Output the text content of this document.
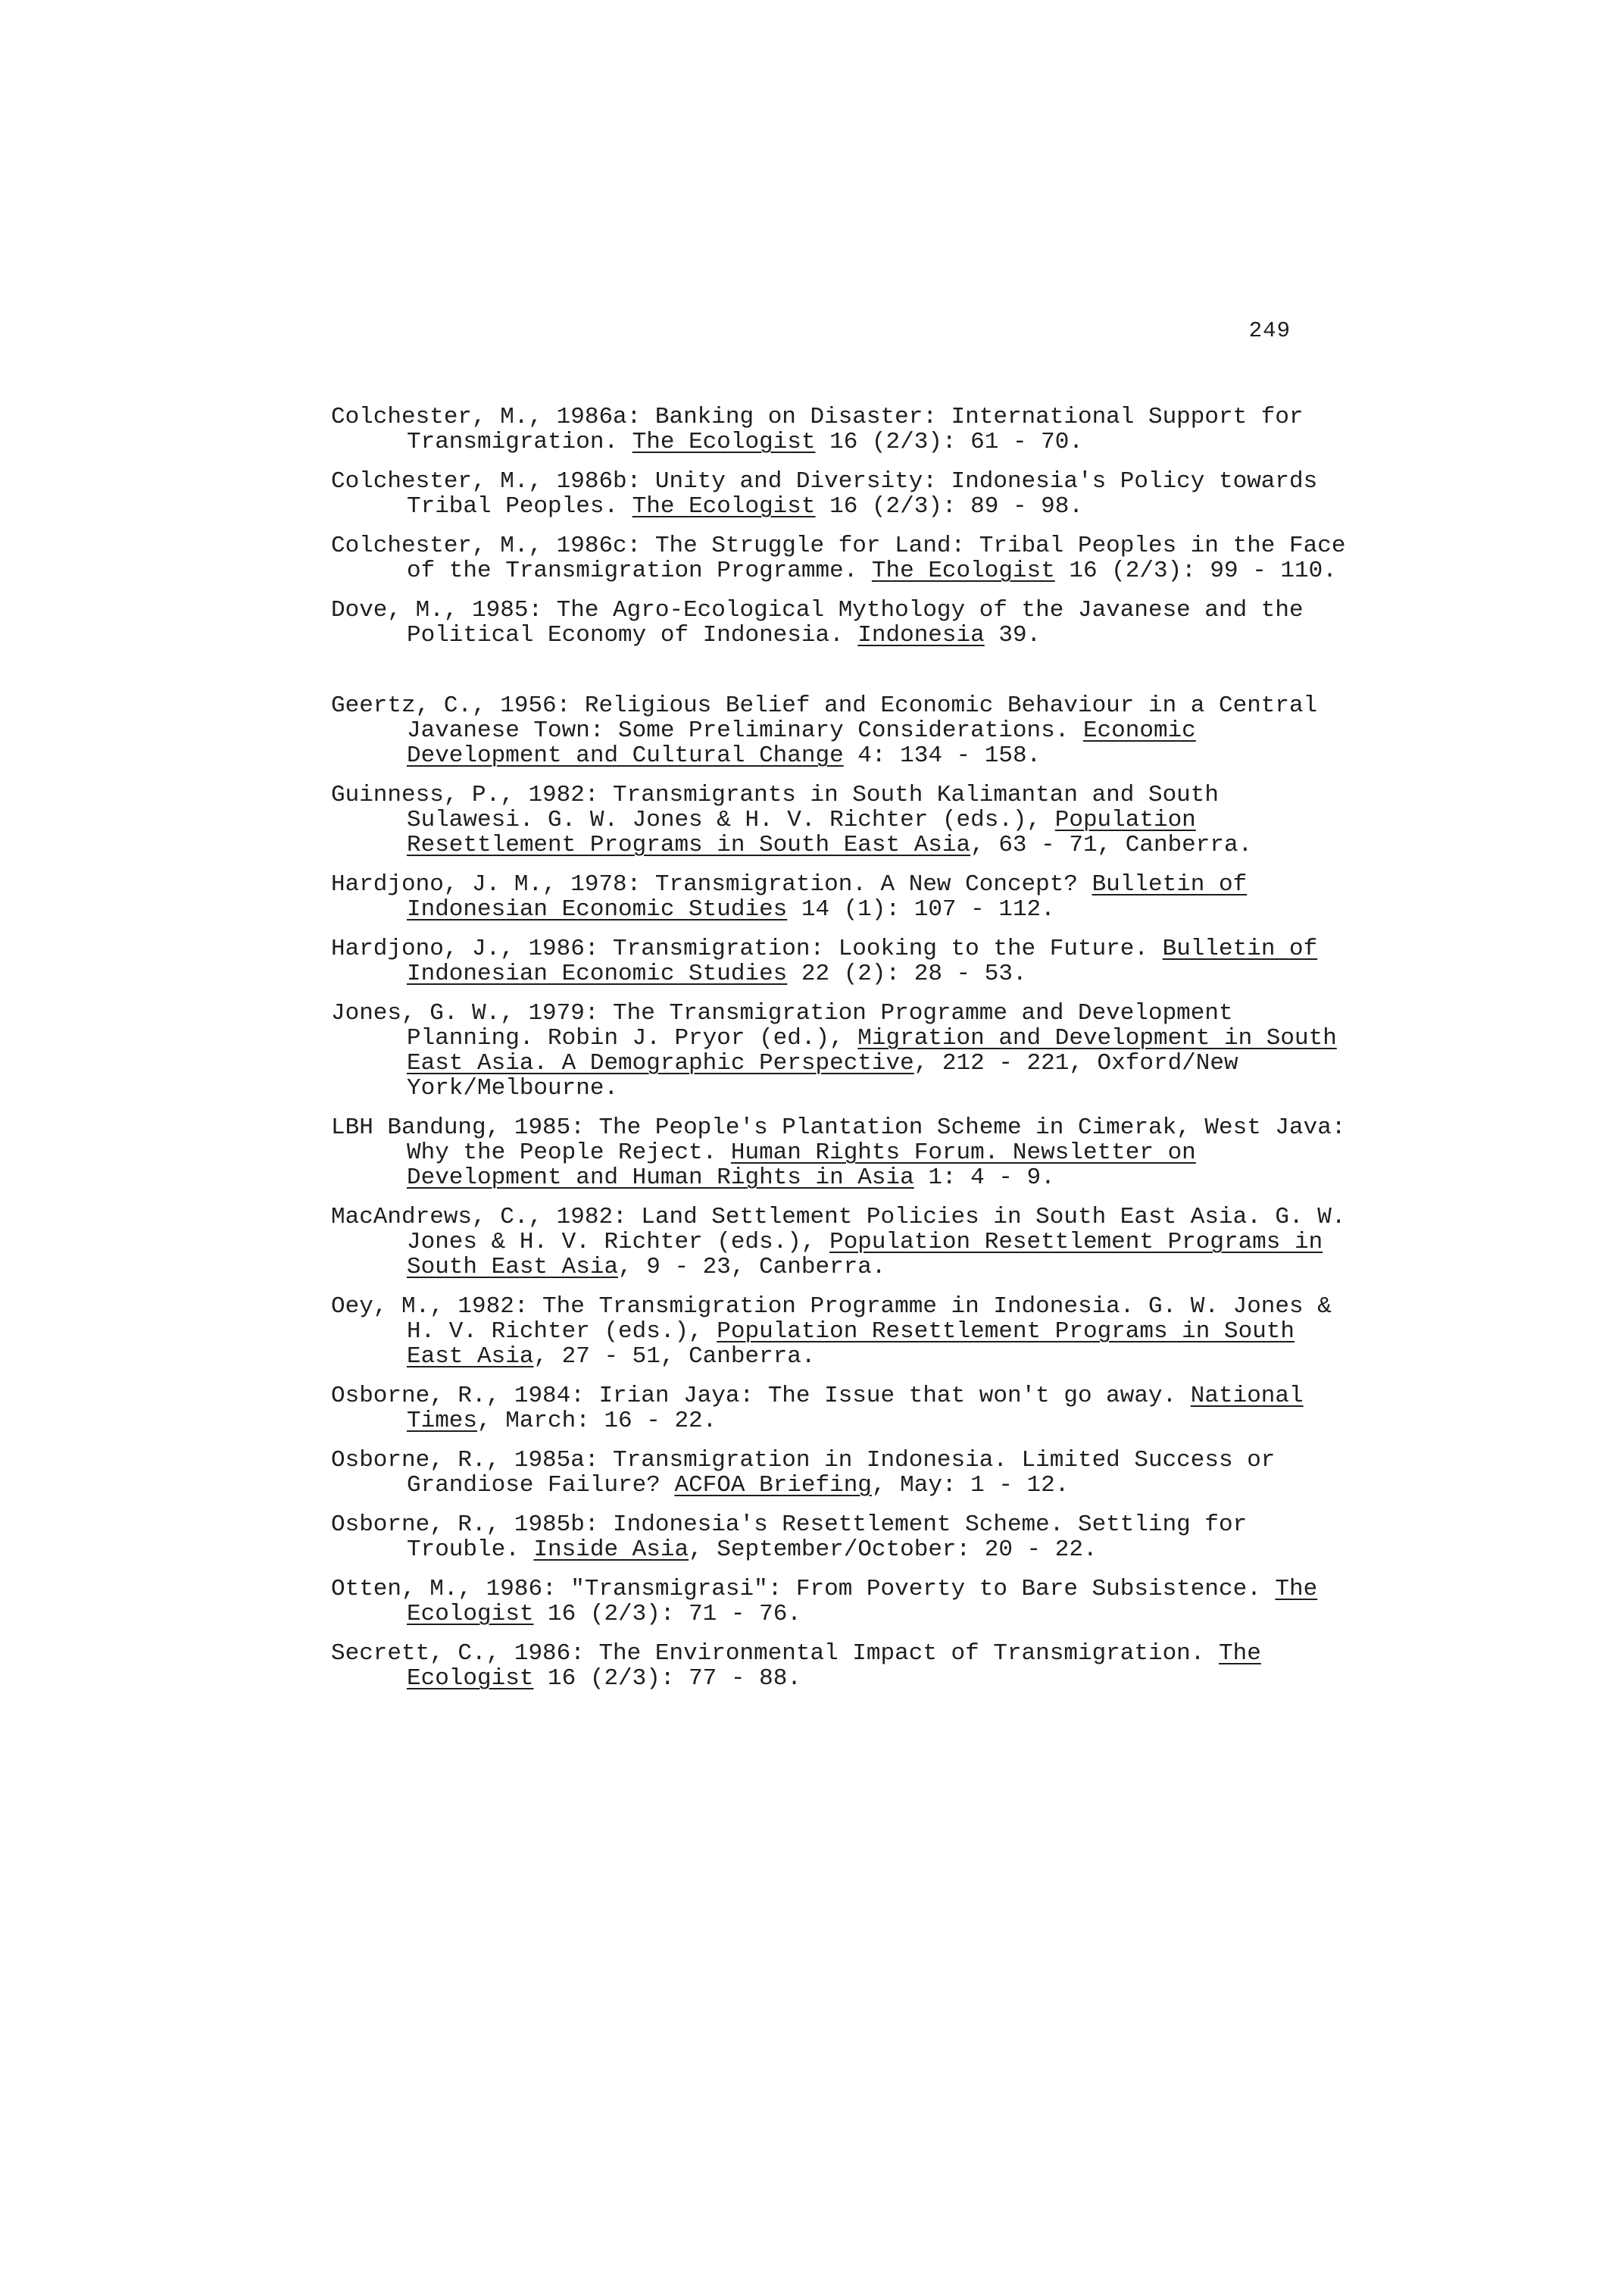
249

Colchester, M., 1986a: Banking on Disaster: International Support for Transmigration. The Ecologist 16 (2/3): 61 - 70.

Colchester, M., 1986b: Unity and Diversity: Indonesia's Policy towards Tribal Peoples. The Ecologist 16 (2/3): 89 - 98.

Colchester, M., 1986c: The Struggle for Land: Tribal Peoples in the Face of the Transmigration Programme. The Ecologist 16 (2/3): 99 - 110.

Dove, M., 1985: The Agro-Ecological Mythology of the Javanese and the Political Economy of Indonesia. Indonesia 39.

Geertz, C., 1956: Religious Belief and Economic Behaviour in a Central Javanese Town: Some Preliminary Considerations. Economic Development and Cultural Change 4: 134 - 158.

Guinness, P., 1982: Transmigrants in South Kalimantan and South Sulawesi. G. W. Jones & H. V. Richter (eds.), Population Resettlement Programs in South East Asia, 63 - 71, Canberra.

Hardjono, J. M., 1978: Transmigration. A New Concept? Bulletin of Indonesian Economic Studies 14 (1): 107 - 112.

Hardjono, J., 1986: Transmigration: Looking to the Future. Bulletin of Indonesian Economic Studies 22 (2): 28 - 53.

Jones, G. W., 1979: The Transmigration Programme and Development Planning. Robin J. Pryor (ed.), Migration and Development in South East Asia. A Demographic Perspective, 212 - 221, Oxford/New York/Melbourne.

LBH Bandung, 1985: The People's Plantation Scheme in Cimerak, West Java: Why the People Reject. Human Rights Forum. Newsletter on Development and Human Rights in Asia 1: 4 - 9.

MacAndrews, C., 1982: Land Settlement Policies in South East Asia. G. W. Jones & H. V. Richter (eds.), Population Resettlement Programs in South East Asia, 9 - 23, Canberra.

Oey, M., 1982: The Transmigration Programme in Indonesia. G. W. Jones & H. V. Richter (eds.), Population Resettlement Programs in South East Asia, 27 - 51, Canberra.

Osborne, R., 1984: Irian Jaya: The Issue that won't go away. National Times, March: 16 - 22.

Osborne, R., 1985a: Transmigration in Indonesia. Limited Success or Grandiose Failure? ACFOA Briefing, May: 1 - 12.

Osborne, R., 1985b: Indonesia's Resettlement Scheme. Settling for Trouble. Inside Asia, September/October: 20 - 22.

Otten, M., 1986: "Transmigrasi": From Poverty to Bare Subsistence. The Ecologist 16 (2/3): 71 - 76.

Secrett, C., 1986: The Environmental Impact of Transmigration. The Ecologist 16 (2/3): 77 - 88.
